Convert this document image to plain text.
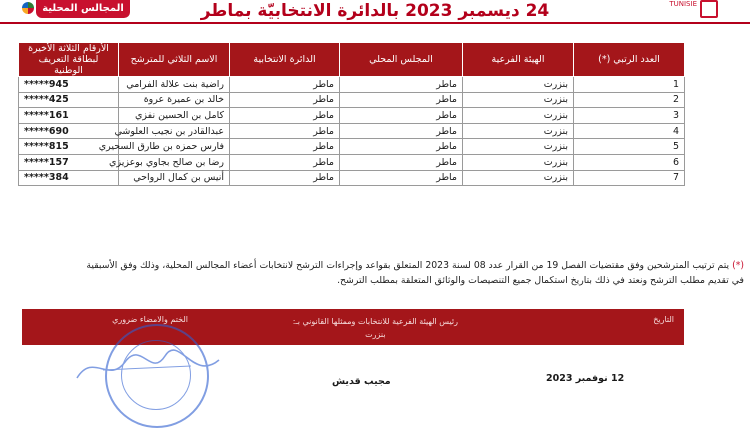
المجالس المحلية	TUNISIE
24 ديسمبر 2023 بالدائرة الانتخابيّة بماطر
العدد الرتبي (*)	الهيئة الفرعية	المجلس المحلي	الدائرة الانتخابية	الاسم الثلاثي للمترشح	الأرقام الثلاثة الأخيرة لبطاقة التعريف الوطنية
1	بنزرت	ماطر	ماطر	راضية بنت علالة الفرامي	945*****
2	بنزرت	ماطر	ماطر	خالد بن عميرة عروة	425*****
3	بنزرت	ماطر	ماطر	كامل بن الحسين نفزي	161*****
4	بنزرت	ماطر	ماطر	عبدالقادر بن نجيب العلوشي	690*****
5	بنزرت	ماطر	ماطر	فارس حمزه بن طارق السحيري	815*****
6	بنزرت	ماطر	ماطر	رضا بن صالح بجاوي بوعزيزي	157*****
7	بنزرت	ماطر	ماطر	أنيس بن كمال الرواحي	384*****
(*) يتم ترتيب المترشحين وفق مقتضيات الفصل 19 من القرار عدد 08 لسنة 2023 المتعلق بقواعد وإجراءات الترشح لانتخابات أعضاء المجالس المحلية، وذلك وفق الأسبقية
في تقديم مطلب الترشح ونعتد في ذلك بتاريخ استكمال جميع التنصيصات والوثائق المتعلقة بمطلب الترشح.
التاريخ
رئيس الهيئة الفرعية للانتخابات وممثلها القانوني بـ:
بنزرت
الختم والامضاء ضروري
12 نوفمبر 2023
مجيب قديش
